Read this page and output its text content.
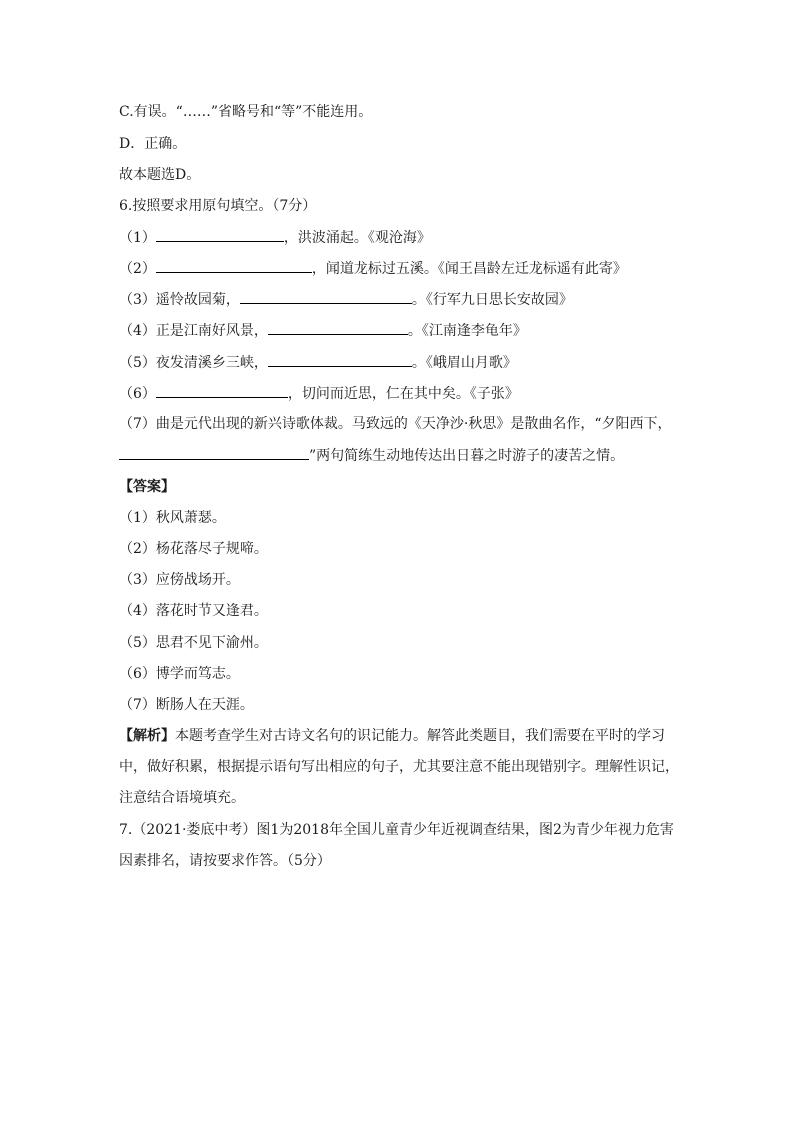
C.有误。“……”省略号和“等”不能连用。
D．正确。
故本题选D。
6.按照要求用原句填空。（7分）
（1）	，洪波涌起。《观沧海》
（2）	，闻道龙标过五溪。《闻王昌龄左迁龙标遥有此寄》
（3）遥怜故园菊，	。《行军九日思长安故园》
（4）正是江南好风景，	。《江南逢李龟年》
（5）夜发清溪乡三峡，	。《峨眉山月歌》
（6）	，切问而近思，仁在其中矣。《子张》
（7）曲是元代出现的新兴诗歌体裁。马致远的《天净沙·秋思》是散曲名作，“夕阳西下，
”两句简练生动地传达出日暮之时游子的凄苦之情。
【答案】
（1）秋风萧瑟。
（2）杨花落尽子规啼。
（3）应傍战场开。
（4）落花时节又逢君。
（5）思君不见下渝州。
（6）博学而笃志。
（7）断肠人在天涯。
【解析】本题考查学生对古诗文名句的识记能力。解答此类题目，我们需要在平时的学习中，做好积累，根据提示语句写出相应的句子，尤其要注意不能出现错别字。理解性识记，注意结合语境填充。
7.（2021·娄底中考）图1为2018年全国儿童青少年近视调查结果，图2为青少年视力危害因素排名，请按要求作答。（5分）
